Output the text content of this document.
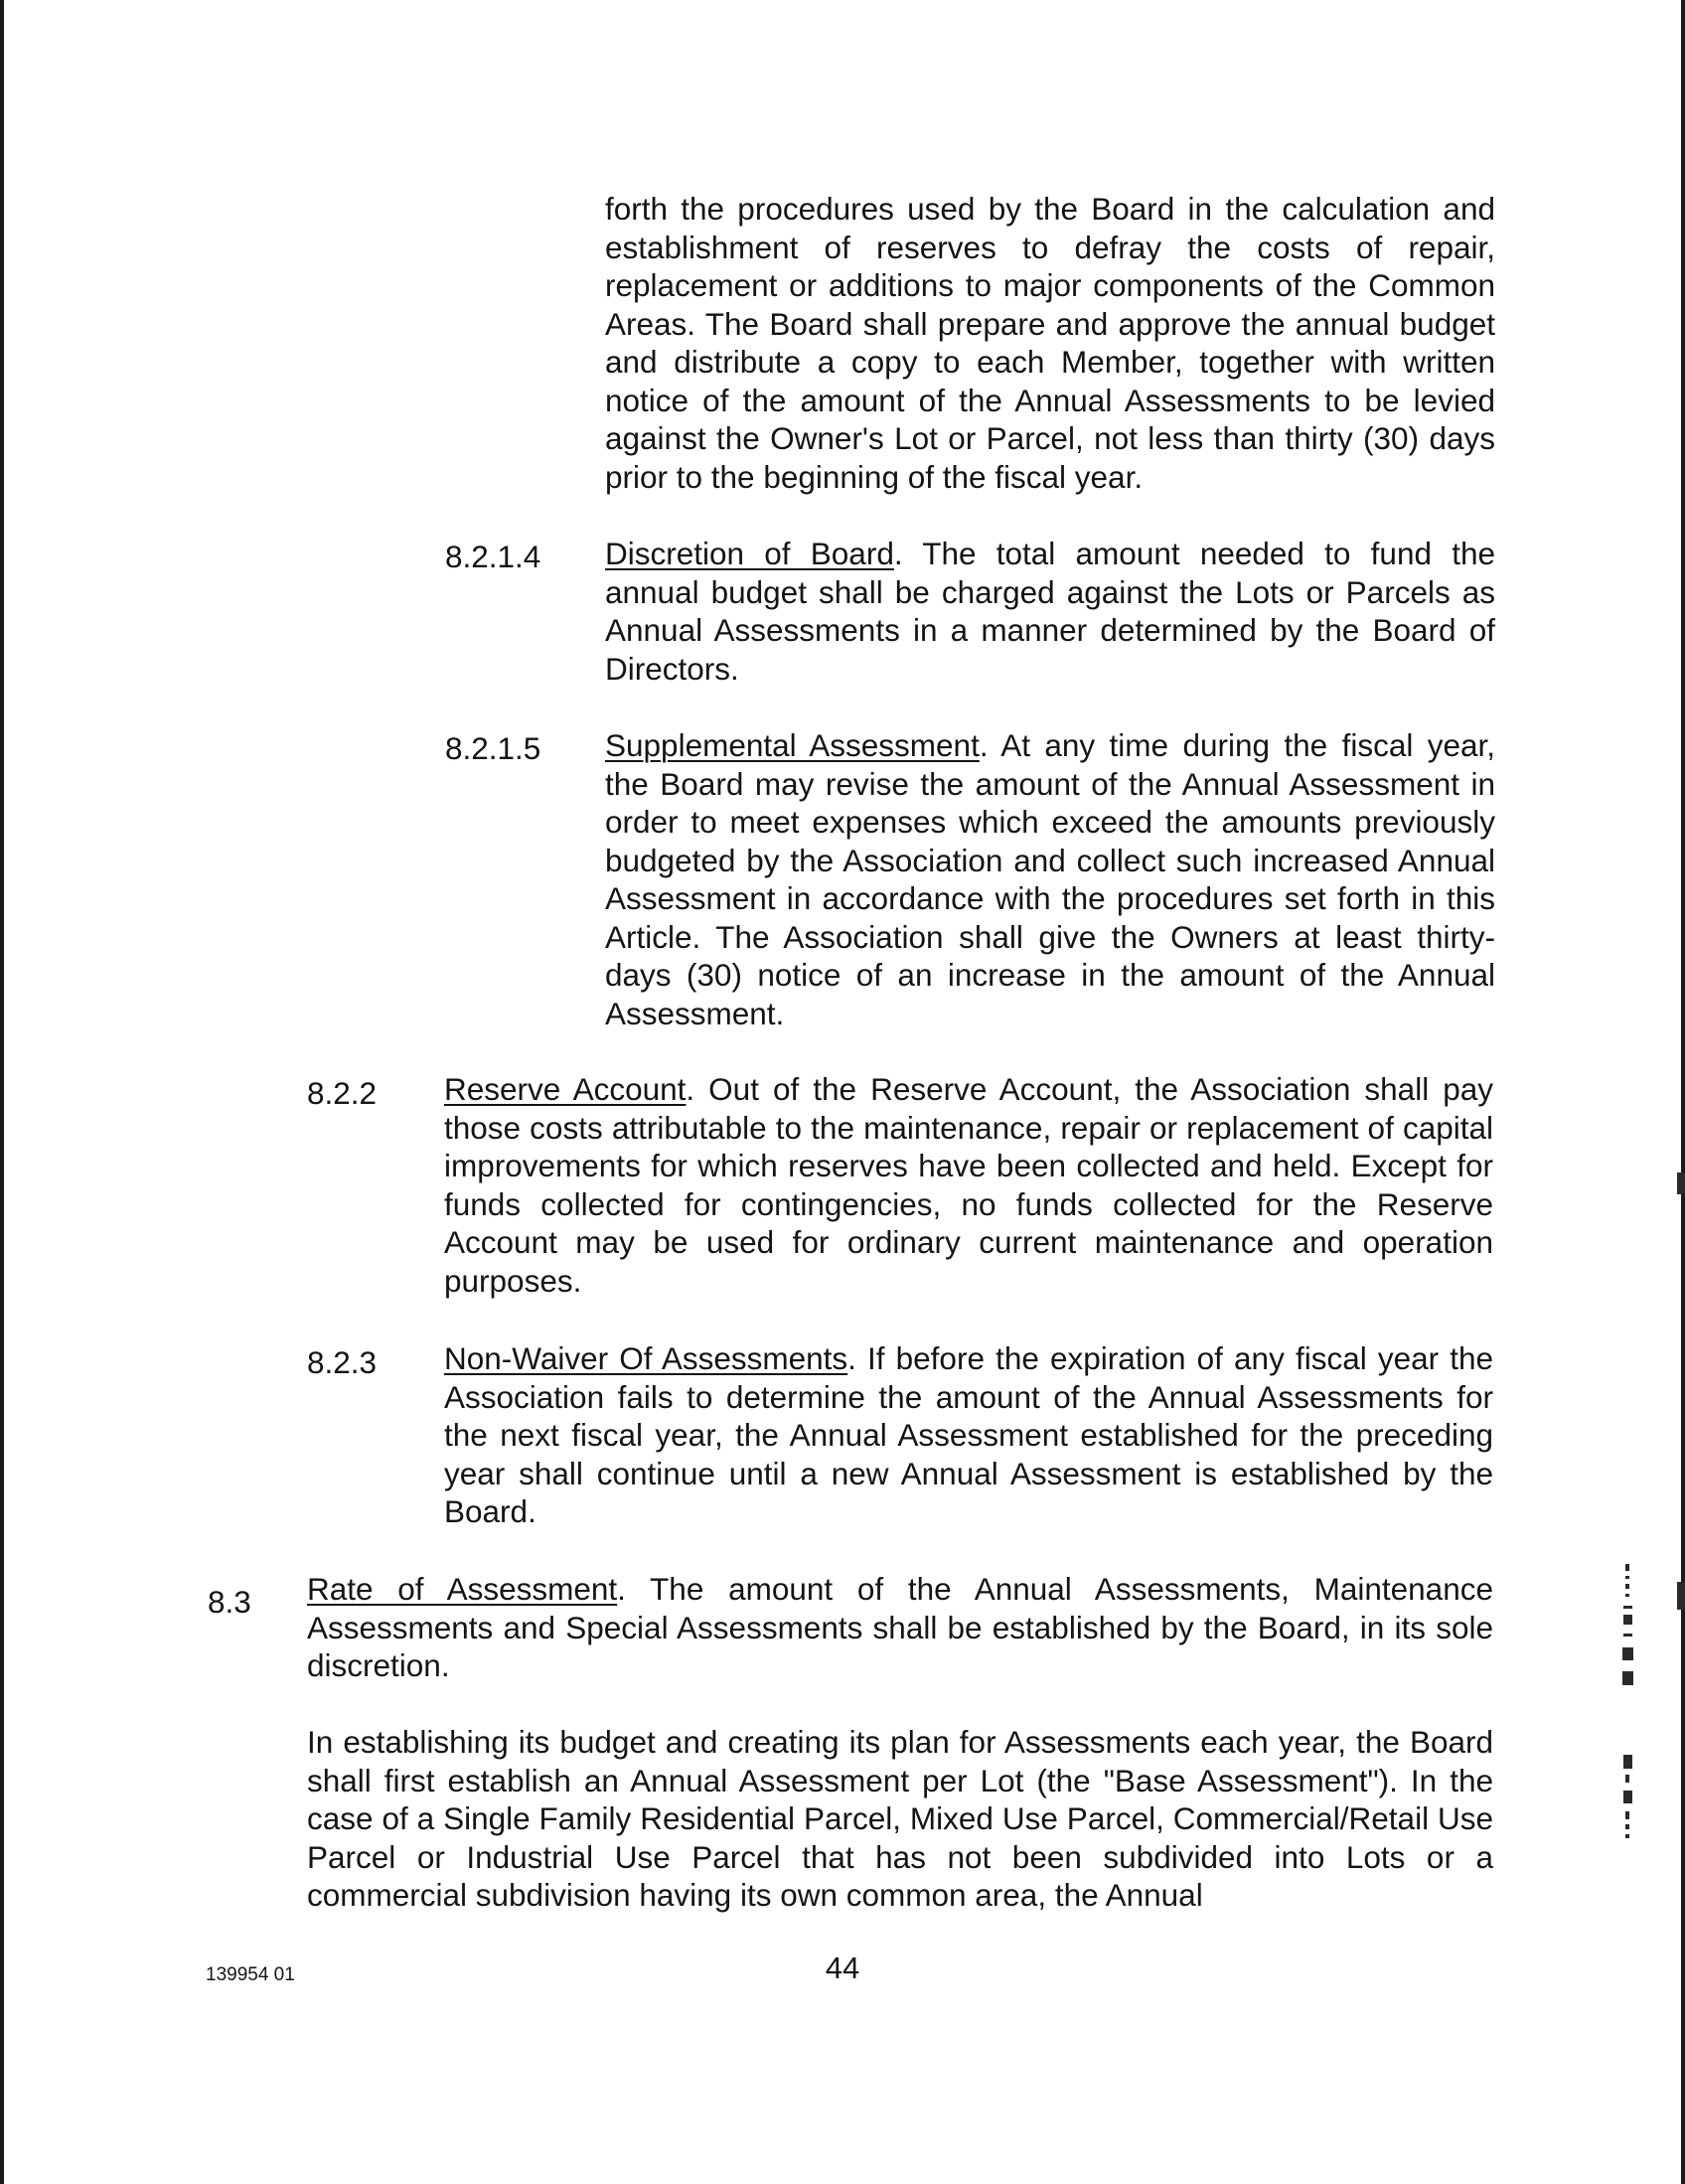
forth the procedures used by the Board in the calculation and establishment of reserves to defray the costs of repair, replacement or additions to major components of the Common Areas. The Board shall prepare and approve the annual budget and distribute a copy to each Member, together with written notice of the amount of the Annual Assessments to be levied against the Owner's Lot or Parcel, not less than thirty (30) days prior to the beginning of the fiscal year.

8.2.1.4 Discretion of Board. The total amount needed to fund the annual budget shall be charged against the Lots or Parcels as Annual Assessments in a manner determined by the Board of Directors.

8.2.1.5 Supplemental Assessment. At any time during the fiscal year, the Board may revise the amount of the Annual Assessment in order to meet expenses which exceed the amounts previously budgeted by the Association and collect such increased Annual Assessment in accordance with the procedures set forth in this Article. The Association shall give the Owners at least thirty-days (30) notice of an increase in the amount of the Annual Assessment.

8.2.2 Reserve Account. Out of the Reserve Account, the Association shall pay those costs attributable to the maintenance, repair or replacement of capital improvements for which reserves have been collected and held. Except for funds collected for contingencies, no funds collected for the Reserve Account may be used for ordinary current maintenance and operation purposes.

8.2.3 Non-Waiver Of Assessments. If before the expiration of any fiscal year the Association fails to determine the amount of the Annual Assessments for the next fiscal year, the Annual Assessment established for the preceding year shall continue until a new Annual Assessment is established by the Board.

8.3 Rate of Assessment. The amount of the Annual Assessments, Maintenance Assessments and Special Assessments shall be established by the Board, in its sole discretion.

In establishing its budget and creating its plan for Assessments each year, the Board shall first establish an Annual Assessment per Lot (the "Base Assessment"). In the case of a Single Family Residential Parcel, Mixed Use Parcel, Commercial/Retail Use Parcel or Industrial Use Parcel that has not been subdivided into Lots or a commercial subdivision having its own common area, the Annual

139954 01	44
